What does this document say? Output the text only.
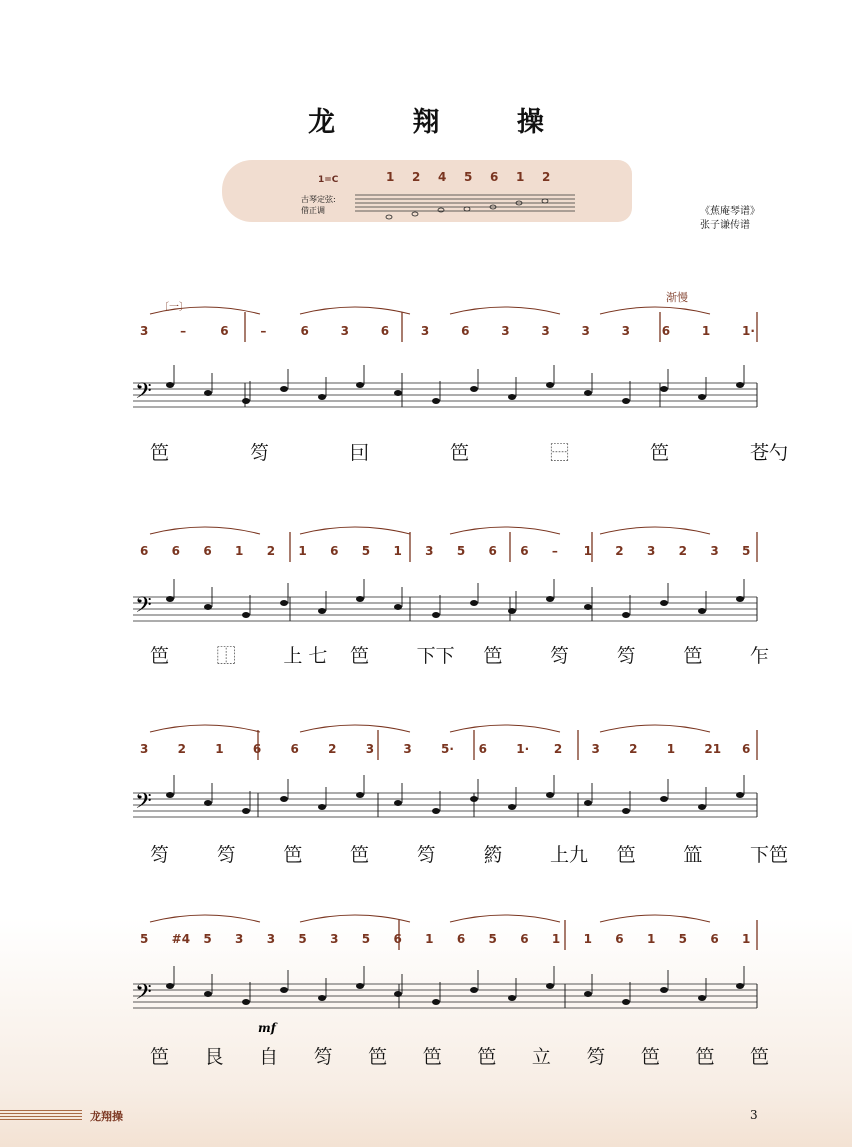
龙 翔 操
1=C
古琴定弦:
借正调	《蕉庵琴谱》
张子谦传谱
〔一〕
渐慢
1 2 4 5 6 1 2
3	–	6	–	6	3	6	3	6	3	3	3	3	6	1	1·
𝄢
6 6 6 1 2 1 6 5 1 3 5 6 6 – 1 2 3 2 3 5
𝄢
3 2 1 6 6 2 3 3 5· 6 1· 2 3 2 1 21 6
𝄢
5 #4 5 3 3 5 3 5 6 1 6 5 6 1 1 6 1 5 6 1
𝄢
mf
笆	笉	囙	笆	⿱	笆	苍勺
笆	⿰	上 七 笆	下下 笆	笉	笉	笆	乍
笉	笉	笆	笆	笉	箹	上九 笆	笽	下笆
笆 艮 自 笉 笆 笆 笆 立 笉 笆 笆 笆
龙翔操	3
